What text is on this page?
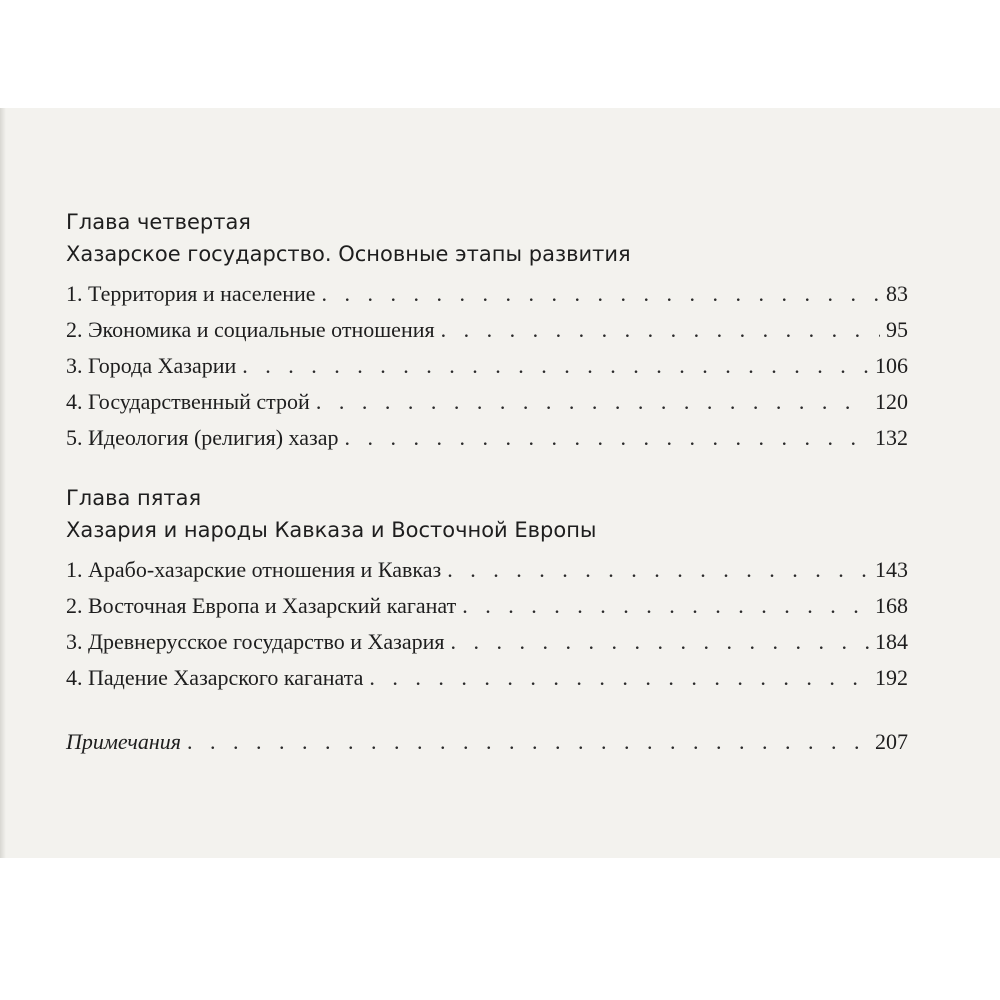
Глава четвертая
Хазарское государство. Основные этапы развития
1. Территория и население . . .	83
2. Экономика и социальные отношения . . .	95
3. Города Хазарии . . .	106
4. Государственный строй . . .	120
5. Идеология (религия) хазар . . .	132
Глава пятая
Хазария и народы Кавказа и Восточной Европы
1. Арабо-хазарские отношения и Кавказ . . .	143
2. Восточная Европа и Хазарский каганат . . .	168
3. Древнерусское государство и Хазария . . .	184
4. Падение Хазарского каганата . . .	192
Примечания . . .	207
